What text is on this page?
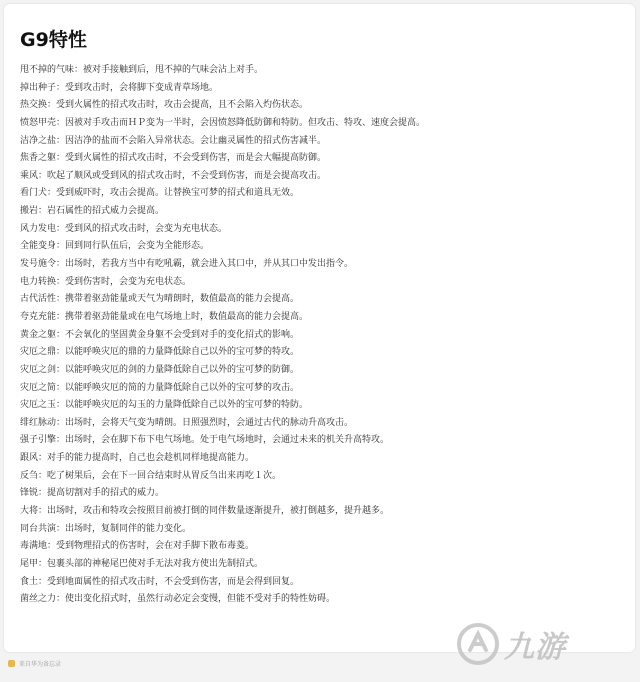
G9特性
甩不掉的气味：被对手接触到后，甩不掉的气味会沾上对手。
掉出种子：受到攻击时，会将脚下变成青草场地。
热交换：受到火属性的招式攻击时，攻击会提高，且不会陷入灼伤状态。
愤怒甲壳：因被对手攻击而ＨＰ变为一半时，会因愤怒降低防御和特防。但攻击、特攻、速度会提高。
洁净之盐：因洁净的盐而不会陷入异常状态。会让幽灵属性的招式伤害减半。
焦香之躯：受到火属性的招式攻击时，不会受到伤害，而是会大幅提高防御。
乘风：吹起了顺风或受到风的招式攻击时，不会受到伤害，而是会提高攻击。
看门犬：受到威吓时，攻击会提高。让替换宝可梦的招式和道具无效。
搬岩：岩石属性的招式威力会提高。
风力发电：受到风的招式攻击时，会变为充电状态。
全能变身：回到同行队伍后，会变为全能形态。
发号施令：出场时，若我方当中有吃吼霸，就会进入其口中，并从其口中发出指令。
电力转换：受到伤害时，会变为充电状态。
古代活性：携带着驱劲能量或天气为晴朗时，数值最高的能力会提高。
夸克充能：携带着驱劲能量或在电气场地上时，数值最高的能力会提高。
黄金之躯：不会氧化的坚固黄金身躯不会受到对手的变化招式的影响。
灾厄之鼎：以能呼唤灾厄的鼎的力量降低除自己以外的宝可梦的特攻。
灾厄之剑：以能呼唤灾厄的剑的力量降低除自己以外的宝可梦的防御。
灾厄之简：以能呼唤灾厄的简的力量降低除自己以外的宝可梦的攻击。
灾厄之玉：以能呼唤灾厄的勾玉的力量降低除自己以外的宝可梦的特防。
绯红脉动：出场时，会将天气变为晴朗。日照强烈时，会通过古代的脉动升高攻击。
强子引擎：出场时，会在脚下布下电气场地。处于电气场地时，会通过未来的机关升高特攻。
跟风：对手的能力提高时，自己也会趁机同样地提高能力。
反刍：吃了树果后，会在下一回合结束时从胃反刍出来再吃１次。
锋锐：提高切割对手的招式的威力。
大将：出场时，攻击和特攻会按照目前被打倒的同伴数量逐渐提升，被打倒越多，提升越多。
同台共演：出场时，复制同伴的能力变化。
毒满地：受到物理招式的伤害时，会在对手脚下散布毒菱。
尾甲：包裹头部的神秘尾巴使对手无法对我方使出先制招式。
食土：受到地面属性的招式攻击时，不会受到伤害，而是会得到回复。
菌丝之力：使出变化招式时，虽然行动必定会变慢，但能不受对手的特性妨碍。
来自华为备忘录	九游
